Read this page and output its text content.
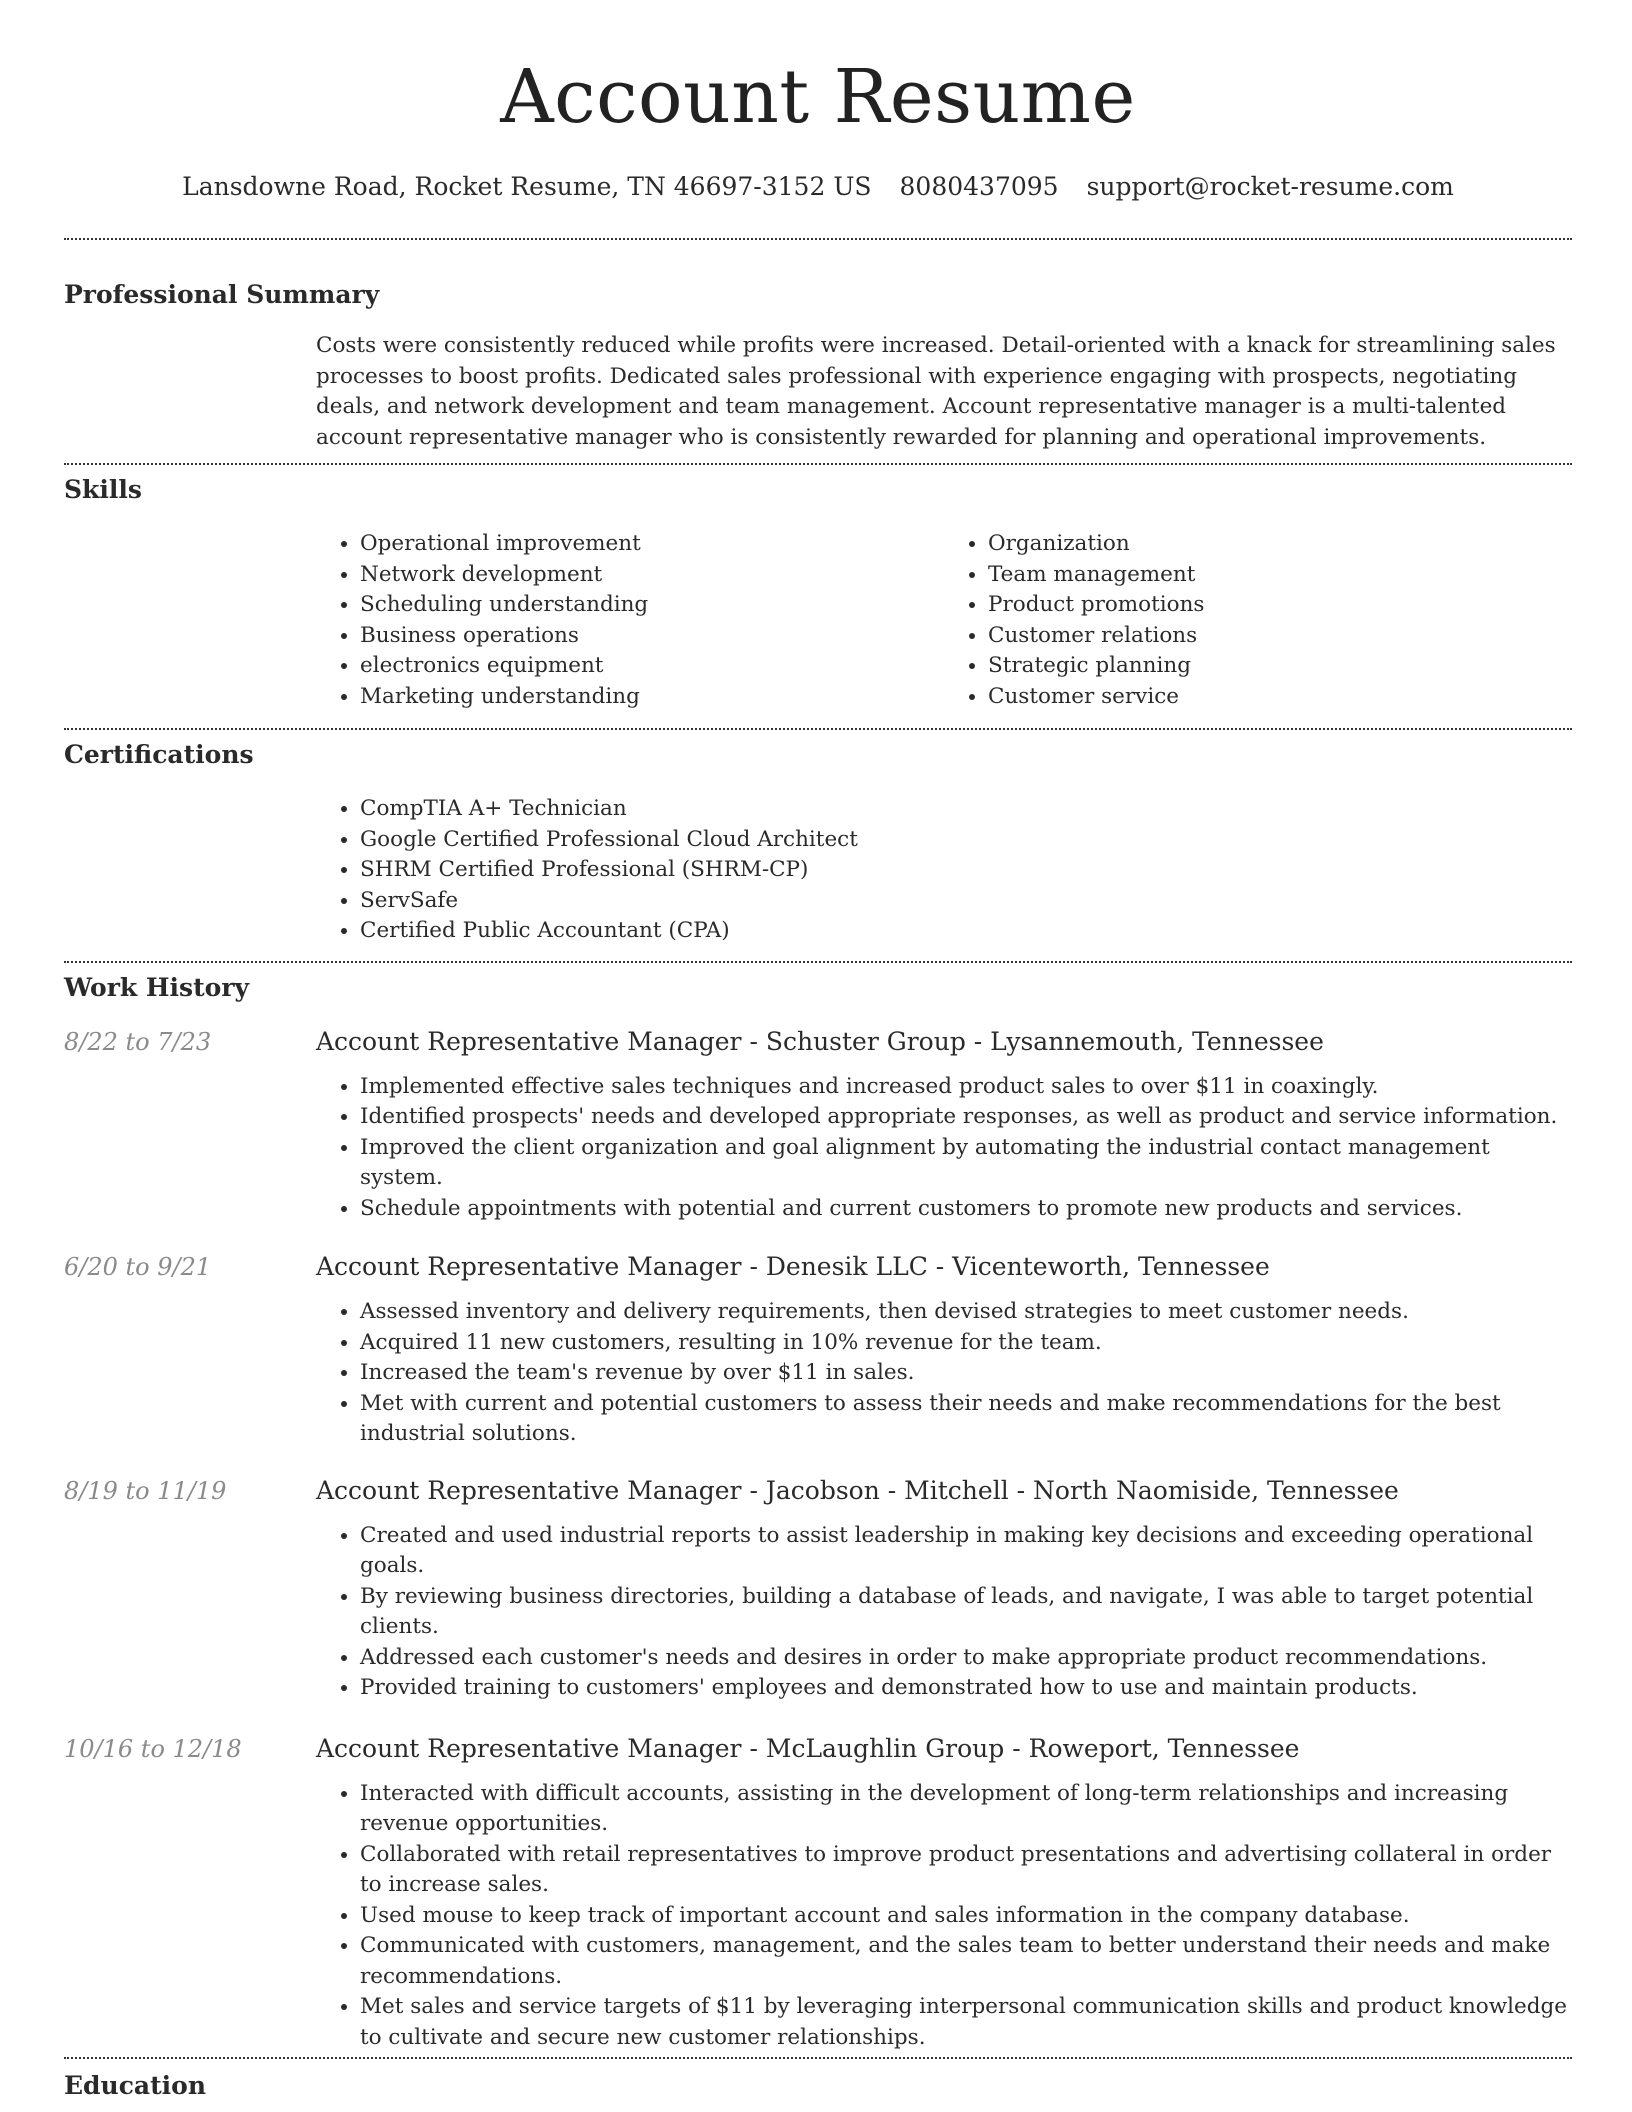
Account Resume
Lansdowne Road, Rocket Resume, TN 46697-3152 US 8080437095 support@rocket-resume.com
Professional Summary
Costs were consistently reduced while profits were increased. Detail-oriented with a knack for streamlining sales processes to boost profits. Dedicated sales professional with experience engaging with prospects, negotiating deals, and network development and team management. Account representative manager is a multi-talented account representative manager who is consistently rewarded for planning and operational improvements.
Skills
• Operational improvement
• Network development
• Scheduling understanding
• Business operations
• electronics equipment
• Marketing understanding
• Organization
• Team management
• Product promotions
• Customer relations
• Strategic planning
• Customer service
Certifications
• CompTIA A+ Technician
• Google Certified Professional Cloud Architect
• SHRM Certified Professional (SHRM-CP)
• ServSafe
• Certified Public Accountant (CPA)
Work History
8/22 to 7/23	Account Representative Manager - Schuster Group - Lysannemouth, Tennessee
• Implemented effective sales techniques and increased product sales to over $11 in coaxingly.
• Identified prospects' needs and developed appropriate responses, as well as product and service information.
• Improved the client organization and goal alignment by automating the industrial contact management system.
• Schedule appointments with potential and current customers to promote new products and services.
6/20 to 9/21	Account Representative Manager - Denesik LLC - Vicenteworth, Tennessee
• Assessed inventory and delivery requirements, then devised strategies to meet customer needs.
• Acquired 11 new customers, resulting in 10% revenue for the team.
• Increased the team's revenue by over $11 in sales.
• Met with current and potential customers to assess their needs and make recommendations for the best industrial solutions.
8/19 to 11/19	Account Representative Manager - Jacobson - Mitchell - North Naomiside, Tennessee
• Created and used industrial reports to assist leadership in making key decisions and exceeding operational goals.
• By reviewing business directories, building a database of leads, and navigate, I was able to target potential clients.
• Addressed each customer's needs and desires in order to make appropriate product recommendations.
• Provided training to customers' employees and demonstrated how to use and maintain products.
10/16 to 12/18	Account Representative Manager - McLaughlin Group - Roweport, Tennessee
• Interacted with difficult accounts, assisting in the development of long-term relationships and increasing revenue opportunities.
• Collaborated with retail representatives to improve product presentations and advertising collateral in order to increase sales.
• Used mouse to keep track of important account and sales information in the company database.
• Communicated with customers, management, and the sales team to better understand their needs and make recommendations.
• Met sales and service targets of $11 by leveraging interpersonal communication skills and product knowledge to cultivate and secure new customer relationships.
Education
